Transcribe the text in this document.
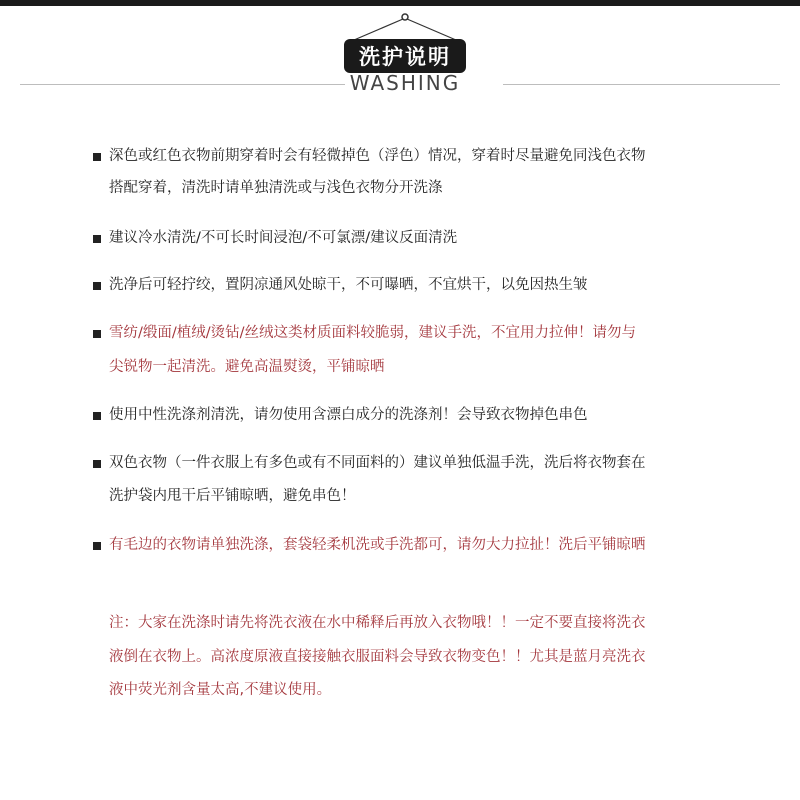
洗护说明
WASHING
深色或红色衣物前期穿着时会有轻微掉色（浮色）情况，穿着时尽量避免同浅色衣物
搭配穿着，清洗时请单独清洗或与浅色衣物分开洗涤
建议冷水清洗/不可长时间浸泡/不可氯漂/建议反面清洗
洗净后可轻拧绞，置阴凉通风处晾干，不可曝晒，不宜烘干，以免因热生皱
雪纺/缎面/植绒/烫钻/丝绒这类材质面料较脆弱，建议手洗，不宜用力拉伸！请勿与
尖锐物一起清洗。避免高温熨烫，平铺晾晒
使用中性洗涤剂清洗，请勿使用含漂白成分的洗涤剂！会导致衣物掉色串色
双色衣物（一件衣服上有多色或有不同面料的）建议单独低温手洗，洗后将衣物套在
洗护袋内甩干后平铺晾晒，避免串色！
有毛边的衣物请单独洗涤，套袋轻柔机洗或手洗都可，请勿大力拉扯！洗后平铺晾晒
注：大家在洗涤时请先将洗衣液在水中稀释后再放入衣物哦！！一定不要直接将洗衣
液倒在衣物上。高浓度原液直接接触衣服面料会导致衣物变色！！尤其是蓝月亮洗衣
液中荧光剂含量太高,不建议使用。
